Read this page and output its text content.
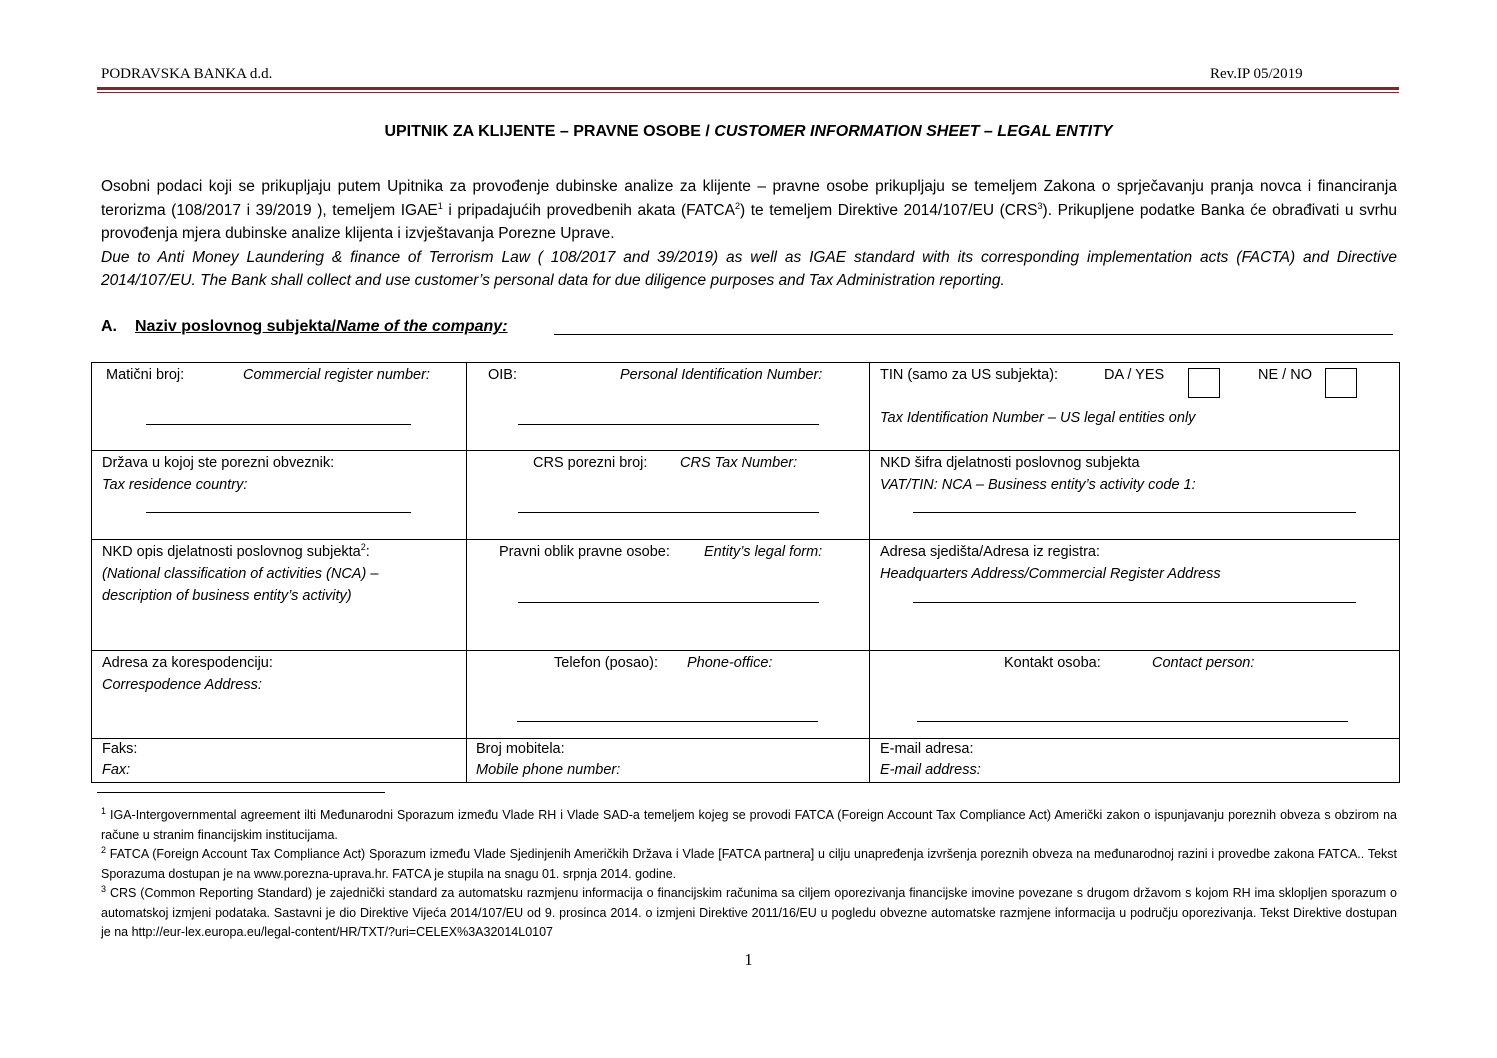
PODRAVSKA BANKA d.d.	Rev.IP 05/2019
UPITNIK ZA KLIJENTE – PRAVNE OSOBE / CUSTOMER INFORMATION SHEET – LEGAL ENTITY

Osobni podaci koji se prikupljaju putem Upitnika za provođenje dubinske analize za klijente – pravne osobe prikupljaju se temeljem Zakona o sprječavanju pranja novca i financiranja terorizma (108/2017 i 39/2019 ), temeljem IGAE$^1$ i pripadajućih provedbenih akata (FATCA$^2$) te temeljem Direktive 2014/107/EU (CRS$^3$). Prikupljene podatke Banka će obrađivati u svrhu provođenja mjera dubinske analize klijenta i izvještavanja Porezne Uprave.

Due to Anti Money Laundering & finance of Terrorism Law ( 108/2017 and 39/2019) as well as IGAE standard with its corresponding implementation acts (FACTA) and Directive 2014/107/EU. The Bank shall collect and use customer’s personal data for due diligence purposes and Tax Administration reporting.

A. Naziv poslovnog subjekta/Name of the company:
Matični broj: Commercial register number:	OIB: Personal Identification Number:	TIN (samo za US subjekta): DA / YES NE / NO
Tax Identification Number – US legal entities only

Država u kojoj ste porezni obveznik:
Tax residence country:	CRS porezni broj: CRS Tax Number:	NKD šifra djelatnosti poslovnog subjekta
VAT/TIN: NCA – Business entity’s activity code 1:

NKD opis djelatnosti poslovnog subjekta$^2$:
(National classification of activities (NCA) –
description of business entity’s activity)	Pravni oblik pravne osobe: Entity’s legal form:	Adresa sjedišta/Adresa iz registra:
Headquarters Address/Commercial Register Address

Adresa za korespodenciju:
Correspodence Address:	Telefon (posao): Phone-office:	Kontakt osoba: Contact person:

Faks:
Fax:	Broj mobitela:
Mobile phone number:	E-mail adresa:
E-mail address:

$^1$ IGA-Intergovernmental agreement ilti Međunarodni Sporazum između Vlade RH i Vlade SAD-a temeljem kojeg se provodi FATCA (Foreign Account Tax Compliance Act) Američki zakon o ispunjavanju poreznih obveza s obzirom na račune u stranim financijskim institucijama.

$^2$ FATCA (Foreign Account Tax Compliance Act) Sporazum između Vlade Sjedinjenih Američkih Država i Vlade [FATCA partnera] u cilju unapređenja izvršenja poreznih obveza na međunarodnoj razini i provedbe zakona FATCA.. Tekst Sporazuma dostupan je na www.porezna-uprava.hr. FATCA je stupila na snagu 01. srpnja 2014. godine.

$^3$ CRS (Common Reporting Standard) je zajednički standard za automatsku razmjenu informacija o financijskim računima sa ciljem oporezivanja financijske imovine povezane s drugom državom s kojom RH ima sklopljen sporazum o automatskoj izmjeni podataka. Sastavni je dio Direktive Vijeća 2014/107/EU od 9. prosinca 2014. o izmjeni Direktive 2011/16/EU u pogledu obvezne automatske razmjene informacija u području oporezivanja. Tekst Direktive dostupan je na http://eur-lex.europa.eu/legal-content/HR/TXT/?uri=CELEX%3A32014L0107

1
